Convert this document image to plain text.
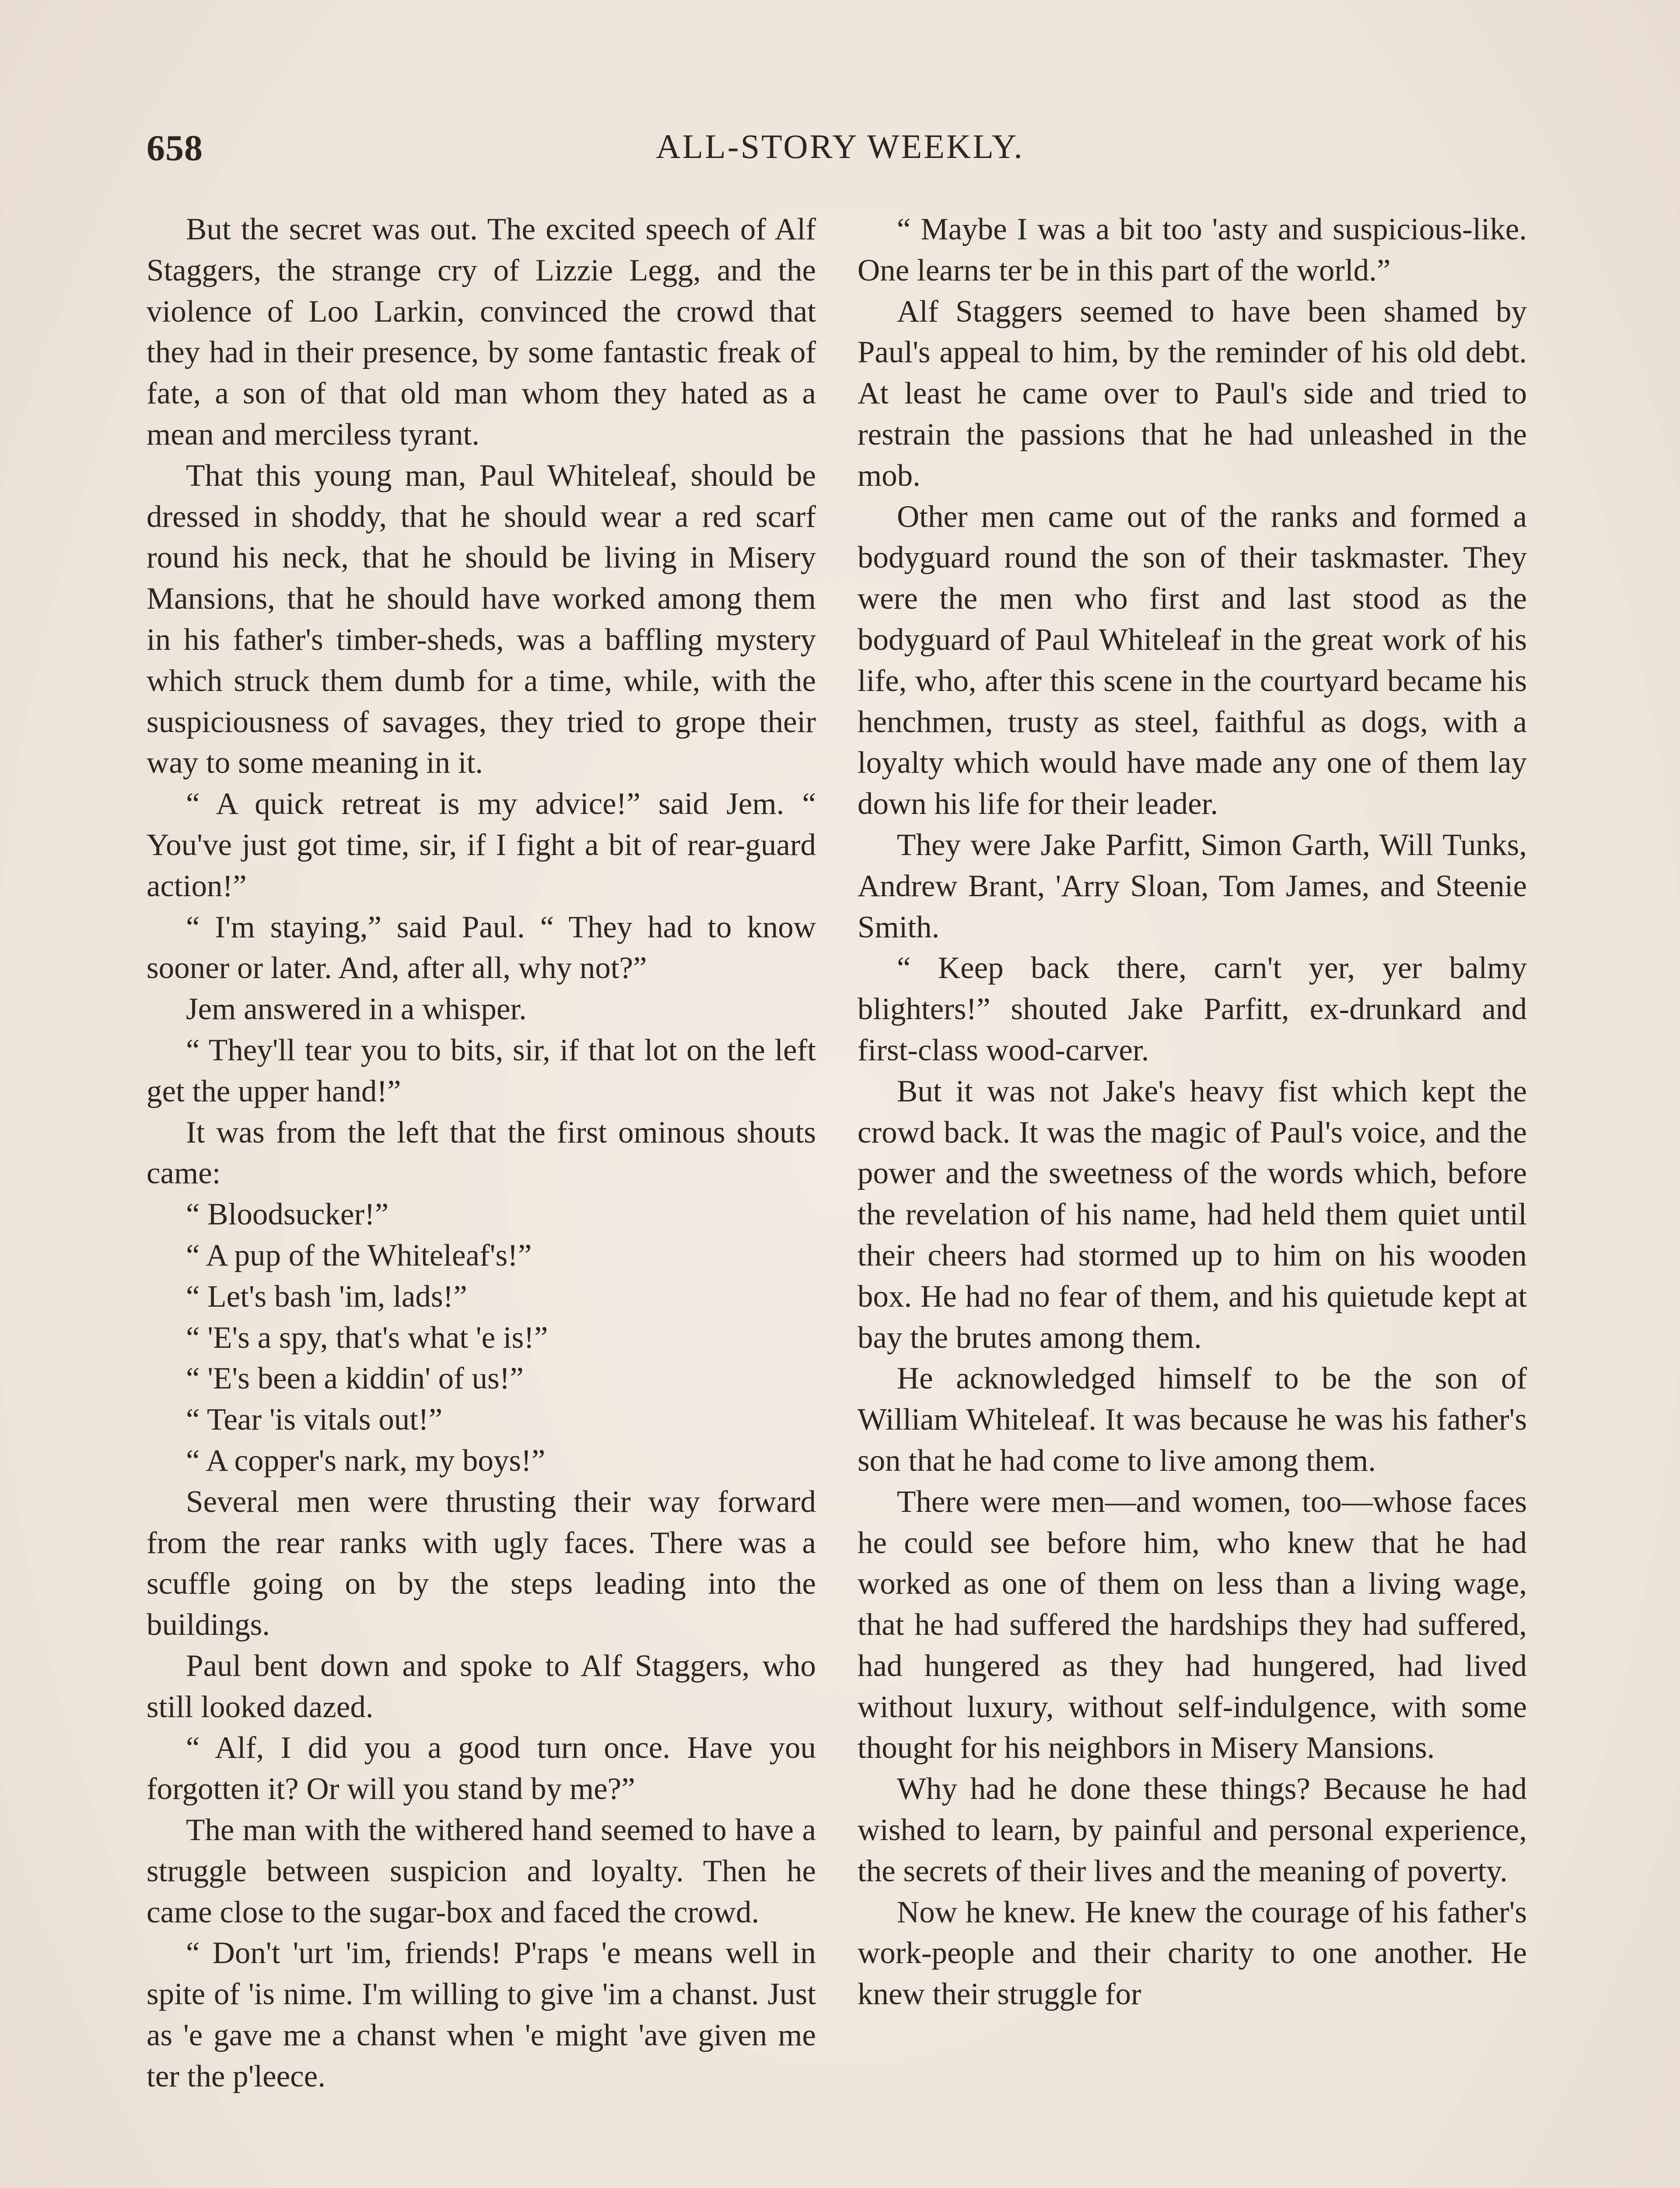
658	ALL-STORY WEEKLY.

But the secret was out. The excited speech of Alf Staggers, the strange cry of Lizzie Legg, and the violence of Loo Larkin, convinced the crowd that they had in their presence, by some fantastic freak of fate, a son of that old man whom they hated as a mean and merciless tyrant.

That this young man, Paul Whiteleaf, should be dressed in shoddy, that he should wear a red scarf round his neck, that he should be living in Misery Mansions, that he should have worked among them in his father's timber-sheds, was a baffling mystery which struck them dumb for a time, while, with the suspiciousness of savages, they tried to grope their way to some meaning in it.

“ A quick retreat is my advice!” said Jem. “ You've just got time, sir, if I fight a bit of rear-guard action!”

“ I'm staying,” said Paul. “ They had to know sooner or later. And, after all, why not?”

Jem answered in a whisper.

“ They'll tear you to bits, sir, if that lot on the left get the upper hand!”

It was from the left that the first ominous shouts came:

“ Bloodsucker!”

“ A pup of the Whiteleaf's!”

“ Let's bash 'im, lads!”

“ 'E's a spy, that's what 'e is!”

“ 'E's been a kiddin' of us!”

“ Tear 'is vitals out!”

“ A copper's nark, my boys!”

Several men were thrusting their way forward from the rear ranks with ugly faces. There was a scuffle going on by the steps leading into the buildings.

Paul bent down and spoke to Alf Staggers, who still looked dazed.

“ Alf, I did you a good turn once. Have you forgotten it? Or will you stand by me?”

The man with the withered hand seemed to have a struggle between suspicion and loyalty. Then he came close to the sugar-box and faced the crowd.

“ Don't 'urt 'im, friends! P'raps 'e means well in spite of 'is nime. I'm willing to give 'im a chanst. Just as 'e gave me a chanst when 'e might 'ave given me ter the p'leece.

“ Maybe I was a bit too 'asty and suspicious-like. One learns ter be in this part of the world.”

Alf Staggers seemed to have been shamed by Paul's appeal to him, by the reminder of his old debt. At least he came over to Paul's side and tried to restrain the passions that he had unleashed in the mob.

Other men came out of the ranks and formed a bodyguard round the son of their taskmaster. They were the men who first and last stood as the bodyguard of Paul Whiteleaf in the great work of his life, who, after this scene in the courtyard became his henchmen, trusty as steel, faithful as dogs, with a loyalty which would have made any one of them lay down his life for their leader.

They were Jake Parfitt, Simon Garth, Will Tunks, Andrew Brant, 'Arry Sloan, Tom James, and Steenie Smith.

“ Keep back there, carn't yer, yer balmy blighters!” shouted Jake Parfitt, ex-drunkard and first-class wood-carver.

But it was not Jake's heavy fist which kept the crowd back. It was the magic of Paul's voice, and the power and the sweetness of the words which, before the revelation of his name, had held them quiet until their cheers had stormed up to him on his wooden box. He had no fear of them, and his quietude kept at bay the brutes among them.

He acknowledged himself to be the son of William Whiteleaf. It was because he was his father's son that he had come to live among them.

There were men—and women, too—whose faces he could see before him, who knew that he had worked as one of them on less than a living wage, that he had suffered the hardships they had suffered, had hungered as they had hungered, had lived without luxury, without self-indulgence, with some thought for his neighbors in Misery Mansions.

Why had he done these things? Because he had wished to learn, by painful and personal experience, the secrets of their lives and the meaning of poverty.

Now he knew. He knew the courage of his father's work-people and their charity to one another. He knew their struggle for
